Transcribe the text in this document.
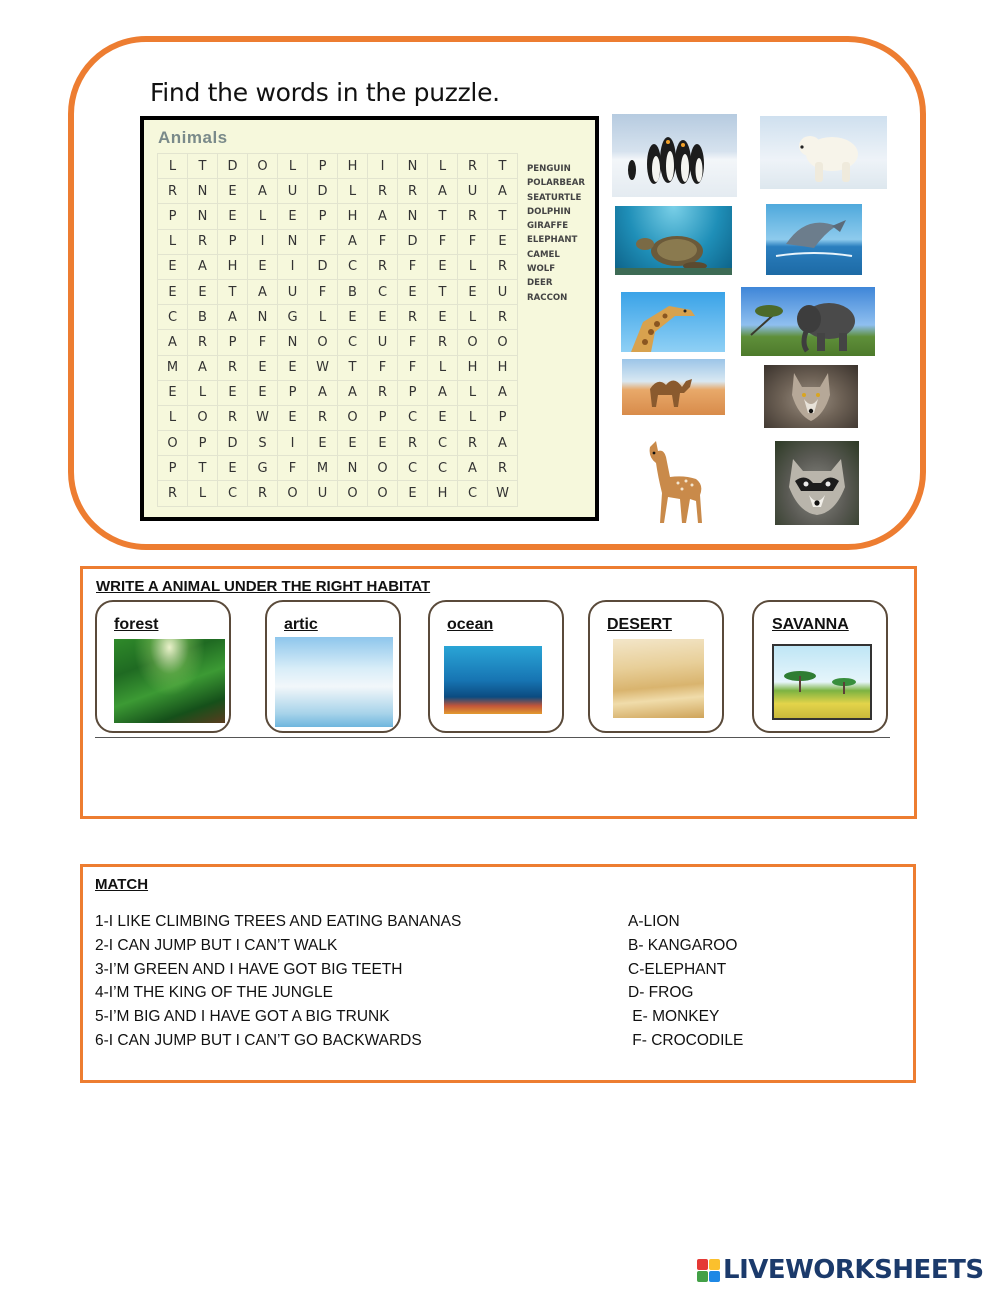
Find the words in the puzzle.
Animals
L	T	D	O	L	P	H	I	N	L	R	T
R	N	E	A	U	D	L	R	R	A	U	A
P	N	E	L	E	P	H	A	N	T	R	T
L	R	P	I	N	F	A	F	D	F	F	E
E	A	H	E	I	D	C	R	F	E	L	R
E	E	T	A	U	F	B	C	E	T	E	U
C	B	A	N	G	L	E	E	R	E	L	R
A	R	P	F	N	O	C	U	F	R	O	O
M	A	R	E	E	W	T	F	F	L	H	H
E	L	E	E	P	A	A	R	P	A	L	A
L	O	R	W	E	R	O	P	C	E	L	P
O	P	D	S	I	E	E	E	R	C	R	A
P	T	E	G	F	M	N	O	C	C	A	R
R	L	C	R	O	U	O	O	E	H	C	W
PENGUIN
POLARBEAR
SEATURTLE
DOLPHIN
GIRAFFE
ELEPHANT
CAMEL
WOLF
DEER
RACCON
WRITE A ANIMAL UNDER THE RIGHT HABITAT
forest	artic	ocean	DESERT	SAVANNA
MATCH
1-I LIKE CLIMBING TREES AND EATING BANANAS
2-I CAN JUMP BUT I CAN’T WALK
3-I’M GREEN AND I HAVE GOT BIG TEETH
4-I’M THE KING OF THE JUNGLE
5-I’M BIG AND I HAVE GOT A BIG TRUNK
6-I CAN JUMP BUT I CAN’T GO BACKWARDS
A-LION
B- KANGAROO
C-ELEPHANT
D- FROG
E- MONKEY
F- CROCODILE
LIVEWORKSHEETS
